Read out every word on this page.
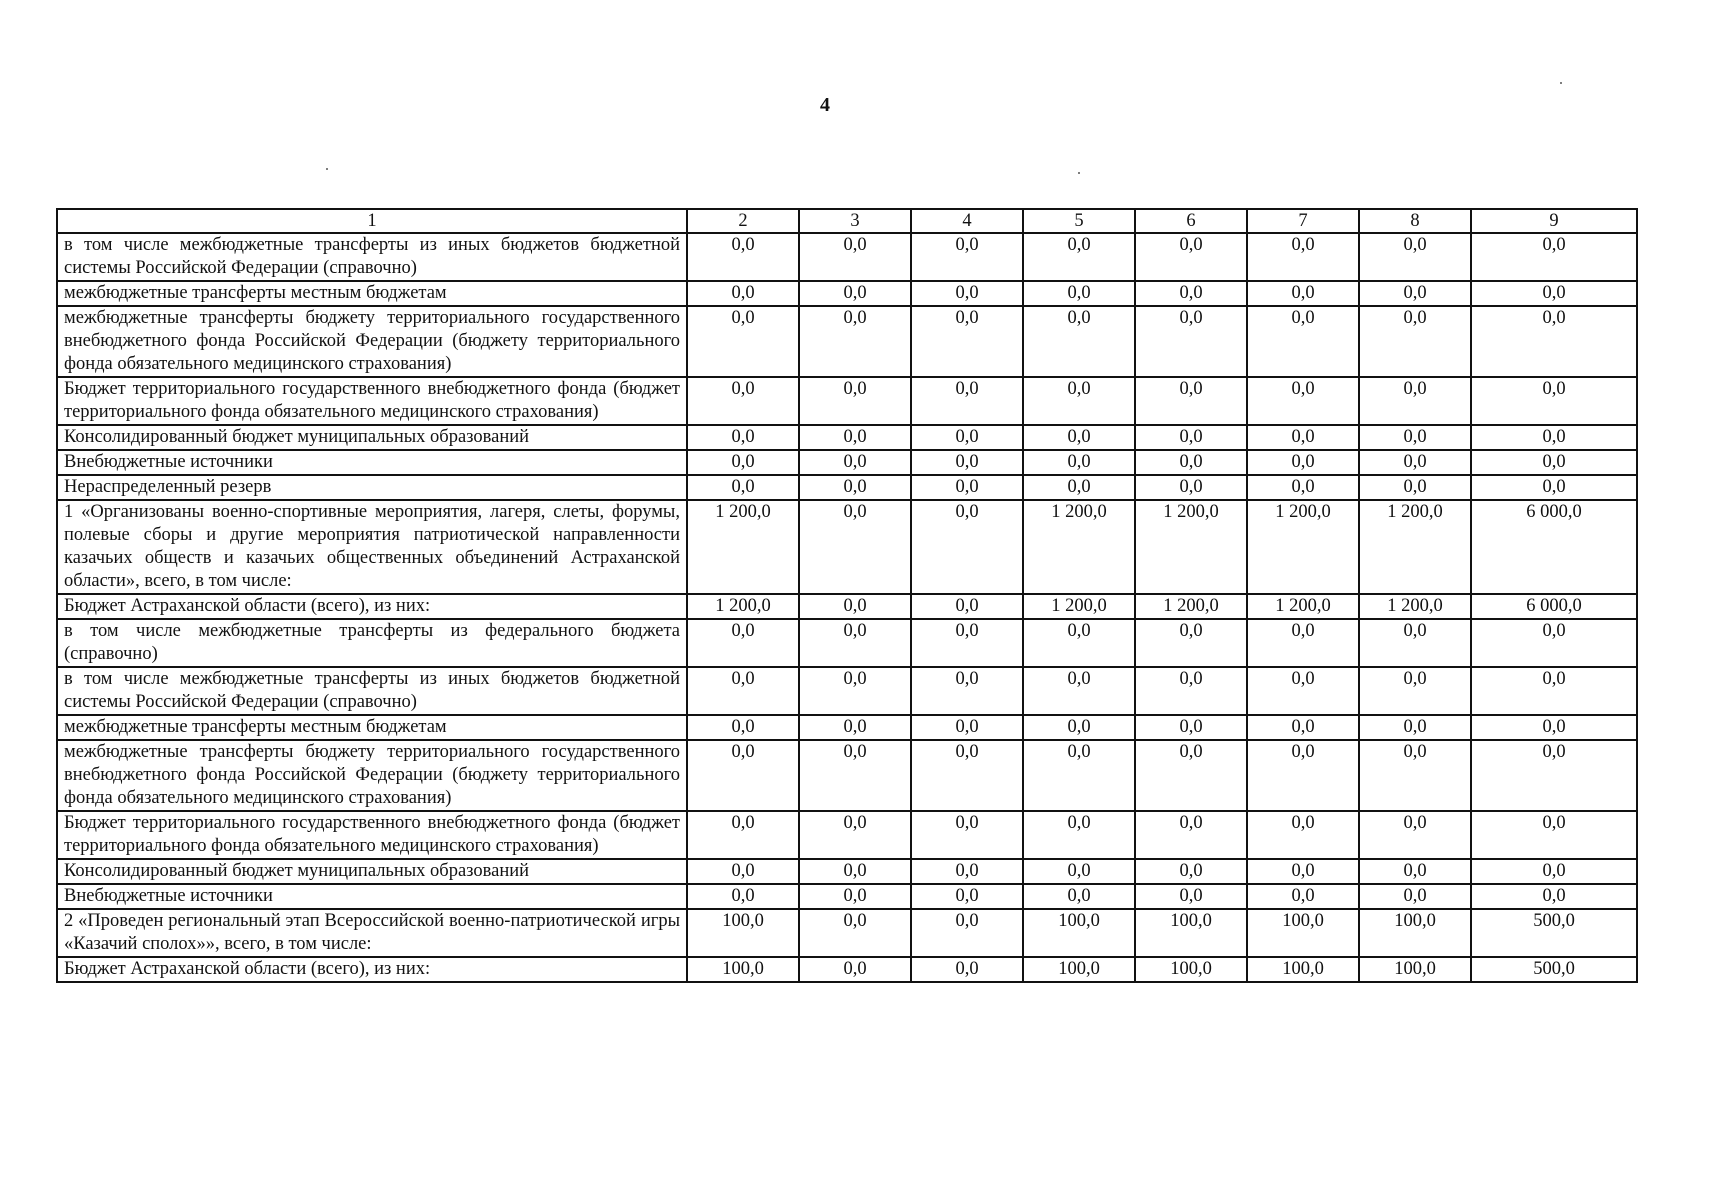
4
1	2	3	4	5	6	7	8	9
в том числе межбюджетные трансферты из иных бюджетов бюджетной системы Российской Федерации (справочно)	0,0	0,0	0,0	0,0	0,0	0,0	0,0	0,0
межбюджетные трансферты местным бюджетам	0,0	0,0	0,0	0,0	0,0	0,0	0,0	0,0
межбюджетные трансферты бюджету территориального государственного внебюджетного фонда Российской Федерации (бюджету территориального фонда обязательного медицинского страхования)	0,0	0,0	0,0	0,0	0,0	0,0	0,0	0,0
Бюджет территориального государственного внебюджетного фонда (бюджет территориального фонда обязательного медицинского страхования)	0,0	0,0	0,0	0,0	0,0	0,0	0,0	0,0
Консолидированный бюджет муниципальных образований	0,0	0,0	0,0	0,0	0,0	0,0	0,0	0,0
Внебюджетные источники	0,0	0,0	0,0	0,0	0,0	0,0	0,0	0,0
Нераспределенный резерв	0,0	0,0	0,0	0,0	0,0	0,0	0,0	0,0
1 «Организованы военно-спортивные мероприятия, лагеря, слеты, форумы, полевые сборы и другие мероприятия патриотической направленности казачьих обществ и казачьих общественных объединений Астраханской области», всего, в том числе:	1 200,0	0,0	0,0	1 200,0	1 200,0	1 200,0	1 200,0	6 000,0
Бюджет Астраханской области (всего), из них:	1 200,0	0,0	0,0	1 200,0	1 200,0	1 200,0	1 200,0	6 000,0
в том числе межбюджетные трансферты из федерального бюджета (справочно)	0,0	0,0	0,0	0,0	0,0	0,0	0,0	0,0
в том числе межбюджетные трансферты из иных бюджетов бюджетной системы Российской Федерации (справочно)	0,0	0,0	0,0	0,0	0,0	0,0	0,0	0,0
межбюджетные трансферты местным бюджетам	0,0	0,0	0,0	0,0	0,0	0,0	0,0	0,0
межбюджетные трансферты бюджету территориального государственного внебюджетного фонда Российской Федерации (бюджету территориального фонда обязательного медицинского страхования)	0,0	0,0	0,0	0,0	0,0	0,0	0,0	0,0
Бюджет территориального государственного внебюджетного фонда (бюджет территориального фонда обязательного медицинского страхования)	0,0	0,0	0,0	0,0	0,0	0,0	0,0	0,0
Консолидированный бюджет муниципальных образований	0,0	0,0	0,0	0,0	0,0	0,0	0,0	0,0
Внебюджетные источники	0,0	0,0	0,0	0,0	0,0	0,0	0,0	0,0
2 «Проведен региональный этап Всероссийской военно-патриотической игры «Казачий сполох»», всего, в том числе:	100,0	0,0	0,0	100,0	100,0	100,0	100,0	500,0
Бюджет Астраханской области (всего), из них:	100,0	0,0	0,0	100,0	100,0	100,0	100,0	500,0
